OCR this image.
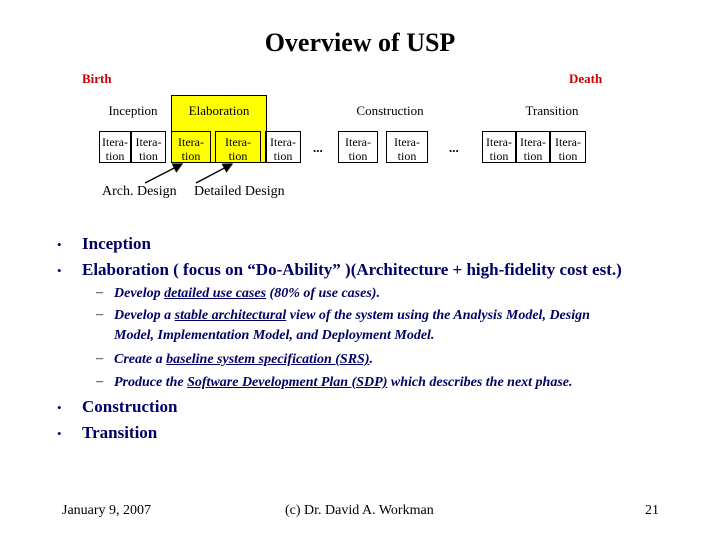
Overview of USP
Birth	Death
Inception	Elaboration	Construction	Transition
Itera-
tion
Itera-
tion
Itera-
tion
Itera-
tion
Itera-
tion
...	Itera-
tion
Itera-
tion
...	Itera-
tion
Itera-
tion
Itera-
tion
Arch. Design Detailed Design
• Inception
• Elaboration ( focus on “Do-Ability” )(Architecture + high-fidelity cost est.)
– Develop detailed use cases (80% of use cases).
– Develop a stable architectural view of the system using the Analysis Model, Design
Model, Implementation Model, and Deployment Model.
– Create a baseline system specification (SRS).
– Produce the Software Development Plan (SDP) which describes the next phase.
• Construction
• Transition
January 9, 2007	(c) Dr. David A. Workman	21
